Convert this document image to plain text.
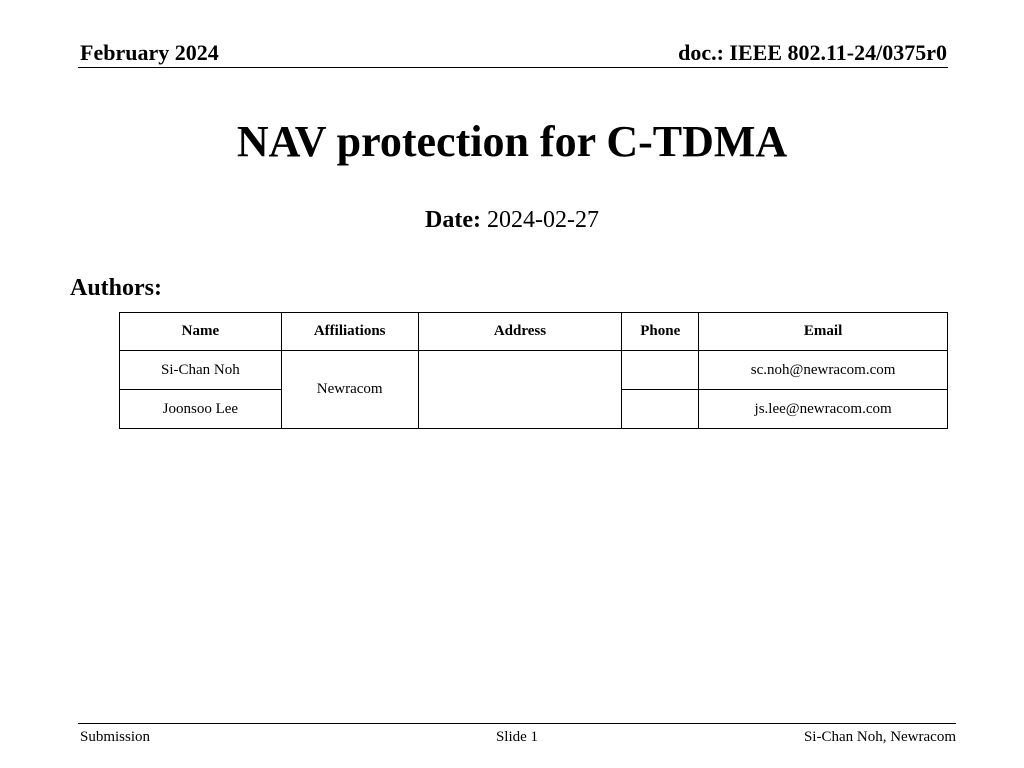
February 2024	doc.: IEEE 802.11-24/0375r0
NAV protection for C-TDMA
Date: 2024-02-27
Authors:
Name	Affiliations	Address	Phone	Email
Si-Chan Noh	Newracom			sc.noh@newracom.com
Joonsoo Lee				js.lee@newracom.com
Submission	Slide 1	Si-Chan Noh, Newracom
